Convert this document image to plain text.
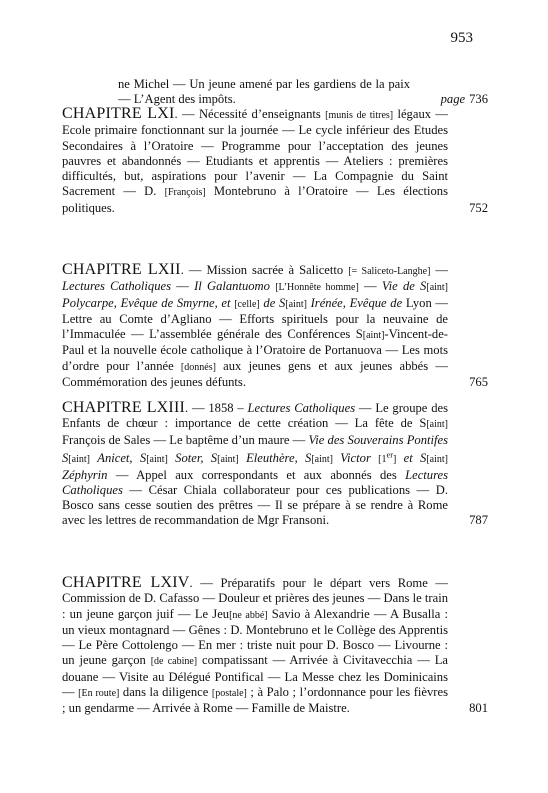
953
ne Michel — Un jeune amené par les gardiens de la paix — L’Agent des impôts.	page 736
CHAPITRE LXI. — Nécessité d’enseignants [munis de titres] légaux — Ecole primaire fonctionnant sur la journée — Le cycle inférieur des Etudes Secondaires à l’Oratoire — Programme pour l’acceptation des jeunes pauvres et abandonnés — Etudiants et apprentis — Ateliers : premières difficultés, but, aspirations pour l’avenir — La Compagnie du Saint Sacrement — D. [François] Montebruno à l’Oratoire — Les élections politiques.	752
CHAPITRE LXII. — Mission sacrée à Salicetto [= Saliceto-Langhe] — Lectures Catholiques — Il Galantuomo [L’Honnête homme] — Vie de S[aint] Polycarpe, Evêque de Smyrne, et [celle] de S[aint] Irénée, Evêque de Lyon — Lettre au Comte d’Agliano — Efforts spirituels pour la neuvaine de l’Immaculée — L’assemblée générale des Conférences S[aint]-Vincent-de-Paul et la nouvelle école catholique à l’Oratoire de Portanuova — Les mots d’ordre pour l’année [donnés] aux jeunes gens et aux jeunes abbés — Commémoration des jeunes défunts.	765
CHAPITRE LXIII. — 1858 – Lectures Catholiques — Le groupe des Enfants de chœur : importance de cette création — La fête de S[aint] François de Sales — Le baptême d’un maure — Vie des Souverains Pontifes S[aint] Anicet, S[aint] Soter, S[aint] Eleuthère, S[aint] Victor [1er] et S[aint] Zéphyrin — Appel aux correspondants et aux abonnés des Lectures Catholiques — César Chiala collaborateur pour ces publications — D. Bosco sans cesse soutien des prêtres — Il se prépare à se rendre à Rome avec les lettres de recommandation de Mgr Fransoni.	787
CHAPITRE LXIV. — Préparatifs pour le départ vers Rome — Commission de D. Cafasso — Douleur et prières des jeunes — Dans le train : un jeune garçon juif — Le Jeu[ne abbé] Savio à Alexandrie — A Busalla : un vieux montagnard — Gênes : D. Montebruno et le Collège des Apprentis — Le Père Cottolengo — En mer : triste nuit pour D. Bosco — Livourne : un jeune garçon [de cabine] compatissant — Arrivée à Civitavecchia — La douane — Visite au Délégué Pontifical — La Messe chez les Dominicains — [En route] dans la diligence [postale] ; à Palo ; l’ordonnance pour les fièvres ; un gendarme — Arrivée à Rome — Famille de Maistre.	801
